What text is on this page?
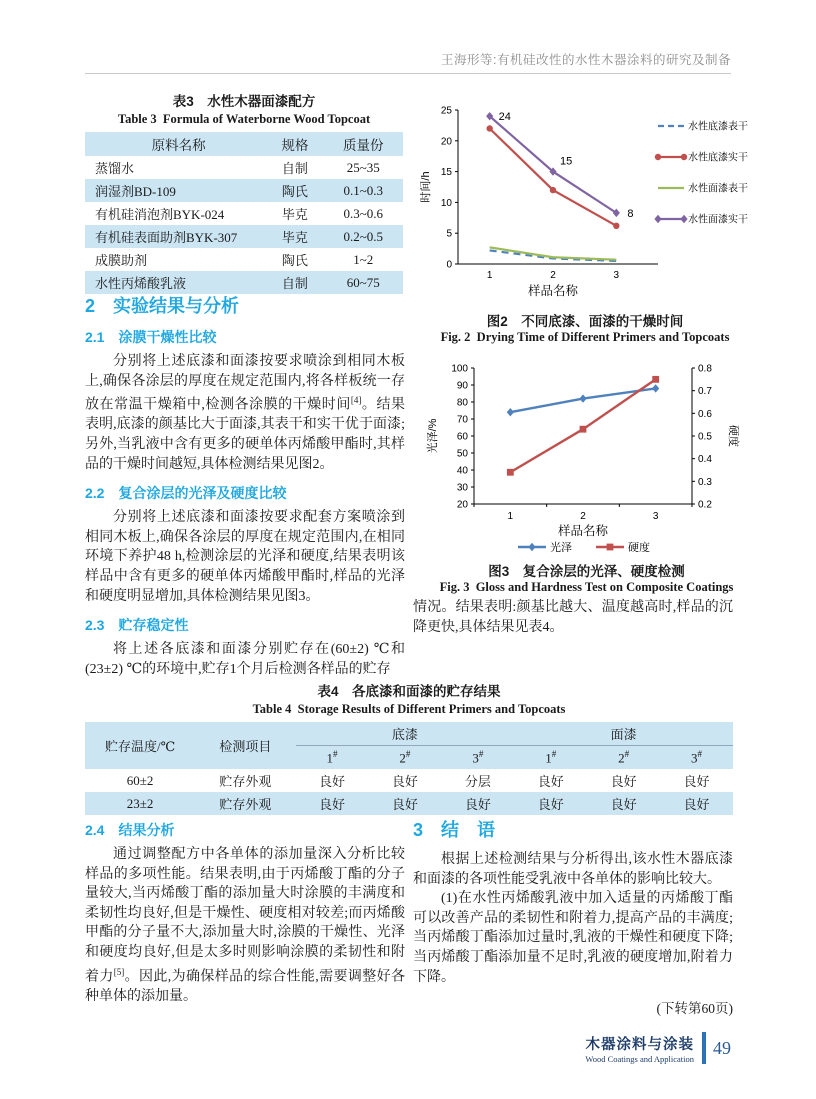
王海形等:有机硅改性的水性木器涂料的研究及制备
表3　水性木器面漆配方
Table 3  Formula of Waterborne Wood Topcoat
原料名称	规格	质量份
蒸馏水	自制	25~35
润湿剂BD-109	陶氏	0.1~0.3
有机硅消泡剂BYK-024	毕克	0.3~0.6
有机硅表面助剂BYK-307	毕克	0.2~0.5
成膜助剂	陶氏	1~2
水性丙烯酸乳液	自制	60~75
0
5
10
15
20
25
1	2	3
样品名称
时间/h
24
15
8
水性底漆表干
水性底漆实干
水性面漆表干
水性面漆实干
图2　不同底漆、面漆的干燥时间
Fig. 2  Drying Time of Different Primers and Topcoats
2　实验结果与分析
2.1　涂膜干燥性比较

分别将上述底漆和面漆按要求喷涂到相同木板上,确保各涂层的厚度在规定范围内,将各样板统一存放在常温干燥箱中,检测各涂膜的干燥时间[4]。结果表明,底漆的颜基比大于面漆,其表干和实干优于面漆;另外,当乳液中含有更多的硬单体丙烯酸甲酯时,其样品的干燥时间越短,具体检测结果见图2。

2.2　复合涂层的光泽及硬度比较

分别将上述底漆和面漆按要求配套方案喷涂到相同木板上,确保各涂层的厚度在规定范围内,在相同环境下养护48 h,检测涂层的光泽和硬度,结果表明该样品中含有更多的硬单体丙烯酸甲酯时,样品的光泽和硬度明显增加,具体检测结果见图3。

2.3　贮存稳定性

将上述各底漆和面漆分别贮存在(60±2) ℃和(23±2) ℃的环境中,贮存1个月后检测各样品的贮存

20
30
40
50
60
70
80
90
100
0.2
0.3
0.4
0.5
0.6
0.7
0.8
1	2	3
样品名称
光泽/%	硬度
光泽	硬度
图3　复合涂层的光泽、硬度检测
Fig. 3  Gloss and Hardness Test on Composite Coatings

情况。结果表明:颜基比越大、温度越高时,样品的沉降更快,具体结果见表4。

表4　各底漆和面漆的贮存结果
Table 4  Storage Results of Different Primers and Topcoats
贮存温度/℃	检测项目	底漆			面漆		
		1#	2#	3#	1#	2#	3#
60±2	贮存外观	良好	良好	分层	良好	良好	良好
23±2	贮存外观	良好	良好	良好	良好	良好	良好
2.4　结果分析

通过调整配方中各单体的添加量深入分析比较样品的多项性能。结果表明,由于丙烯酸丁酯的分子量较大,当丙烯酸丁酯的添加量大时涂膜的丰满度和柔韧性均良好,但是干燥性、硬度相对较差;而丙烯酸甲酯的分子量不大,添加量大时,涂膜的干燥性、光泽和硬度均良好,但是太多时则影响涂膜的柔韧性和附着力[5]。因此,为确保样品的综合性能,需要调整好各种单体的添加量。

3　结　语

根据上述检测结果与分析得出,该水性木器底漆和面漆的各项性能受乳液中各单体的影响比较大。

(1)在水性丙烯酸乳液中加入适量的丙烯酸丁酯可以改善产品的柔韧性和附着力,提高产品的丰满度;当丙烯酸丁酯添加过量时,乳液的干燥性和硬度下降;当丙烯酸丁酯添加量不足时,乳液的硬度增加,附着力下降。

(下转第60页)
木器涂料与涂装
Wood Coatings and Application
49
